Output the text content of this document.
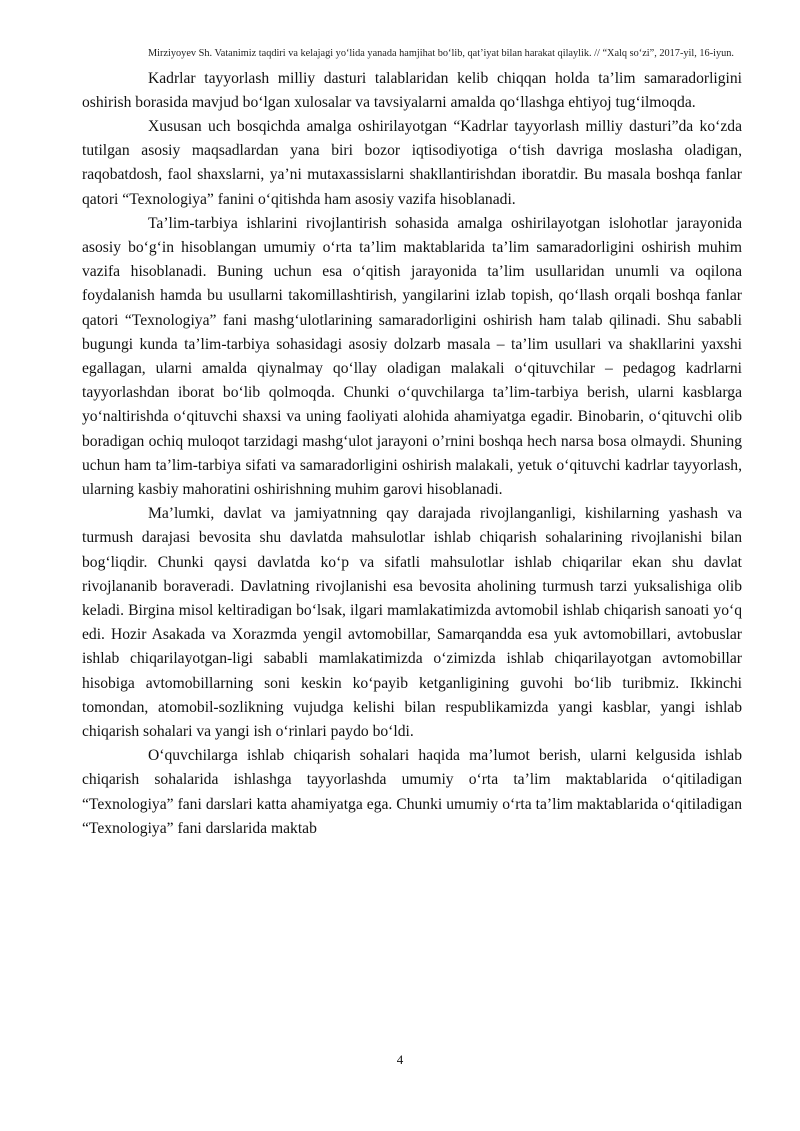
Mirziyoyev Sh. Vatanimiz taqdiri va kelajagi yo‘lida yanada hamjihat bo‘lib, qat’iyat bilan harakat qilaylik. // “Xalq so‘zi”, 2017-yil, 16-iyun.

Kadrlar tayyorlash milliy dasturi talablaridan kelib chiqqan holda ta’lim samaradorligini oshirish borasida mavjud bo‘lgan xulosalar va tavsiyalarni amalda qo‘llashga ehtiyoj tug‘ilmoqda.

Xususan uch bosqichda amalga oshirilayotgan “Kadrlar tayyorlash milliy dasturi”da ko‘zda tutilgan asosiy maqsadlardan yana biri bozor iqtisodiyotiga o‘tish davriga moslasha oladigan, raqobatdosh, faol shaxslarni, ya’ni mutaxassislarni shakllantirishdan iboratdir. Bu masala boshqa fanlar qatori “Texnologiya” fanini o‘qitishda ham asosiy vazifa hisoblanadi.

Ta’lim-tarbiya ishlarini rivojlantirish sohasida amalga oshirilayotgan islohotlar jarayonida asosiy bo‘g‘in hisoblangan umumiy o‘rta ta’lim maktablarida ta’lim samaradorligini oshirish muhim vazifa hisoblanadi. Buning uchun esa o‘qitish jarayonida ta’lim usullaridan unumli va oqilona foydalanish hamda bu usullarni takomillashtirish, yangilarini izlab topish, qo‘llash orqali boshqa fanlar qatori “Texnologiya” fani mashg‘ulotlarining samaradorligini oshirish ham talab qilinadi. Shu sababli bugungi kunda ta’lim-tarbiya sohasidagi asosiy dolzarb masala – ta’lim usullari va shakllarini yaxshi egallagan, ularni amalda qiynalmay qo‘llay oladigan malakali o‘qituvchilar – pedagog kadrlarni tayyorlashdan iborat bo‘lib qolmoqda. Chunki o‘quvchilarga ta’lim-tarbiya berish, ularni kasblarga yo‘naltirishda o‘qituvchi shaxsi va uning faoliyati alohida ahamiyatga egadir. Binobarin, o‘qituvchi olib boradigan ochiq muloqot tarzidagi mashg‘ulot jarayoni o’rnini boshqa hech narsa bosa olmaydi. Shuning uchun ham ta’lim-tarbiya sifati va samaradorligini oshirish malakali, yetuk o‘qituvchi kadrlar tayyorlash, ularning kasbiy mahoratini oshirishning muhim garovi hisoblanadi.

Ma’lumki, davlat va jamiyatnning qay darajada rivojlanganligi, kishilarning yashash va turmush darajasi bevosita shu davlatda mahsulotlar ishlab chiqarish sohalarining rivojlanishi bilan bog‘liqdir. Chunki qaysi davlatda ko‘p va sifatli mahsulotlar ishlab chiqarilar ekan shu davlat rivojlananib boraveradi. Davlatning rivojlanishi esa bevosita aholining turmush tarzi yuksalishiga olib keladi. Birgina misol keltiradigan bo‘lsak, ilgari mamlakatimizda avtomobil ishlab chiqarish sanoati yo‘q edi. Hozir Asakada va Xorazmda yengil avtomobillar, Samarqandda esa yuk avtomobillari, avtobuslar ishlab chiqarilayotgan-ligi sababli mamlakatimizda o‘zimizda ishlab chiqarilayotgan avtomobillar hisobiga avtomobillarning soni keskin ko‘payib ketganligining guvohi bo‘lib turibmiz. Ikkinchi tomondan, atomobil-sozlikning vujudga kelishi bilan respublikamizda yangi kasblar, yangi ishlab chiqarish sohalari va yangi ish o‘rinlari paydo bo‘ldi.

O‘quvchilarga ishlab chiqarish sohalari haqida ma’lumot berish, ularni kelgusida ishlab chiqarish sohalarida ishlashga tayyorlashda umumiy o‘rta ta’lim maktablarida o‘qitiladigan “Texnologiya” fani darslari katta ahamiyatga ega. Chunki umumiy o‘rta ta’lim maktablarida o‘qitiladigan “Texnologiya” fani darslarida maktab

4
